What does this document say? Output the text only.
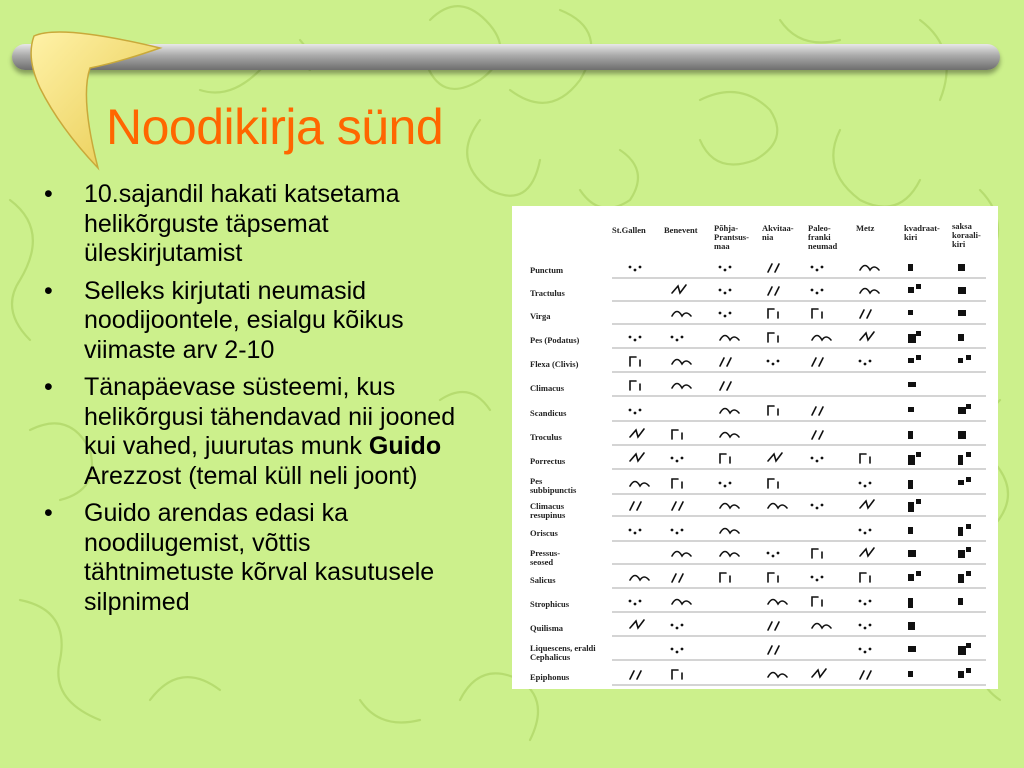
Noodikirja sünd
• 10.sajandil hakati katsetama helikõrguste täpsemat üleskirjutamist
• Selleks kirjutati neumasid noodijoontele, esialgu kõikus viimaste arv 2-10
• Tänapäevase süsteemi, kus helikõrgusi tähendavad nii jooned kui vahed, juurutas munk Guido Arezzost (temal küll neli joont)
• Guido arendas edasi ka noodilugemist, võttis tähtnimetuste kõrval kasutusele silpnimed
St.Gallen Benevent Põhja-
Prantsus-
maa
Akvitaa-
nia
Paleo-
franki
neumad
Metz	kvadraat-
kiri
saksa
koraali-
kiri
Punctum
Tractulus
Virga
Pes (Podatus)
Flexa (Clivis)
Climacus
Scandicus
Troculus
Porrectus
Pes
subbipunctis
Climacus
resupinus
Oriscus
Pressus-
seosed
Salicus
Strophicus
Quilisma
Liquescens, eraldi
Cephalicus
Epiphonus
